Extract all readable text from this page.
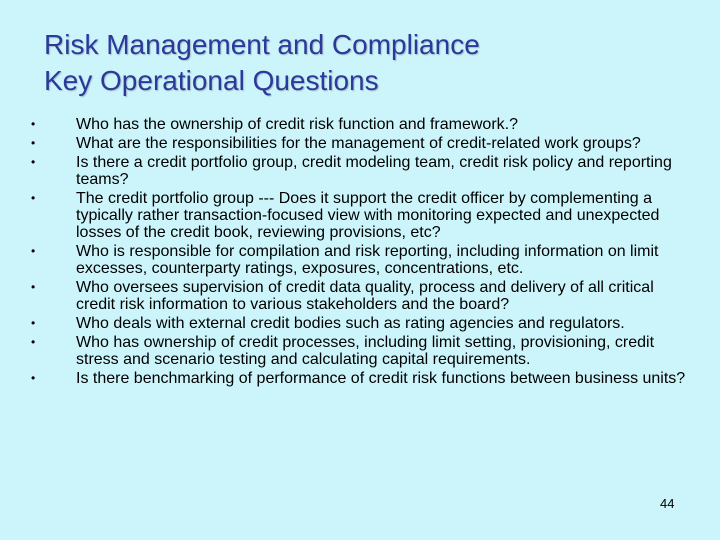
Risk Management and Compliance
Key Operational Questions
•	Who has the ownership of credit risk function and framework.?
•	What are the responsibilities for the management of credit-related work groups?
•	Is there a credit portfolio group, credit modeling team, credit risk policy and reporting teams?
•	The credit portfolio group --- Does it support the credit officer by complementing a typically rather transaction-focused view with monitoring expected and unexpected losses of the credit book, reviewing provisions, etc?
•	Who is responsible for compilation and risk reporting, including information on limit excesses, counterparty ratings, exposures, concentrations, etc.
•	Who oversees supervision of credit data quality, process and delivery of all critical credit risk information to various stakeholders and the board?
•	Who deals with external credit bodies such as rating agencies and regulators.
•	Who has ownership of credit processes, including limit setting, provisioning, credit stress and scenario testing and calculating capital requirements.
•	Is there benchmarking of performance of credit risk functions between business units?
44
